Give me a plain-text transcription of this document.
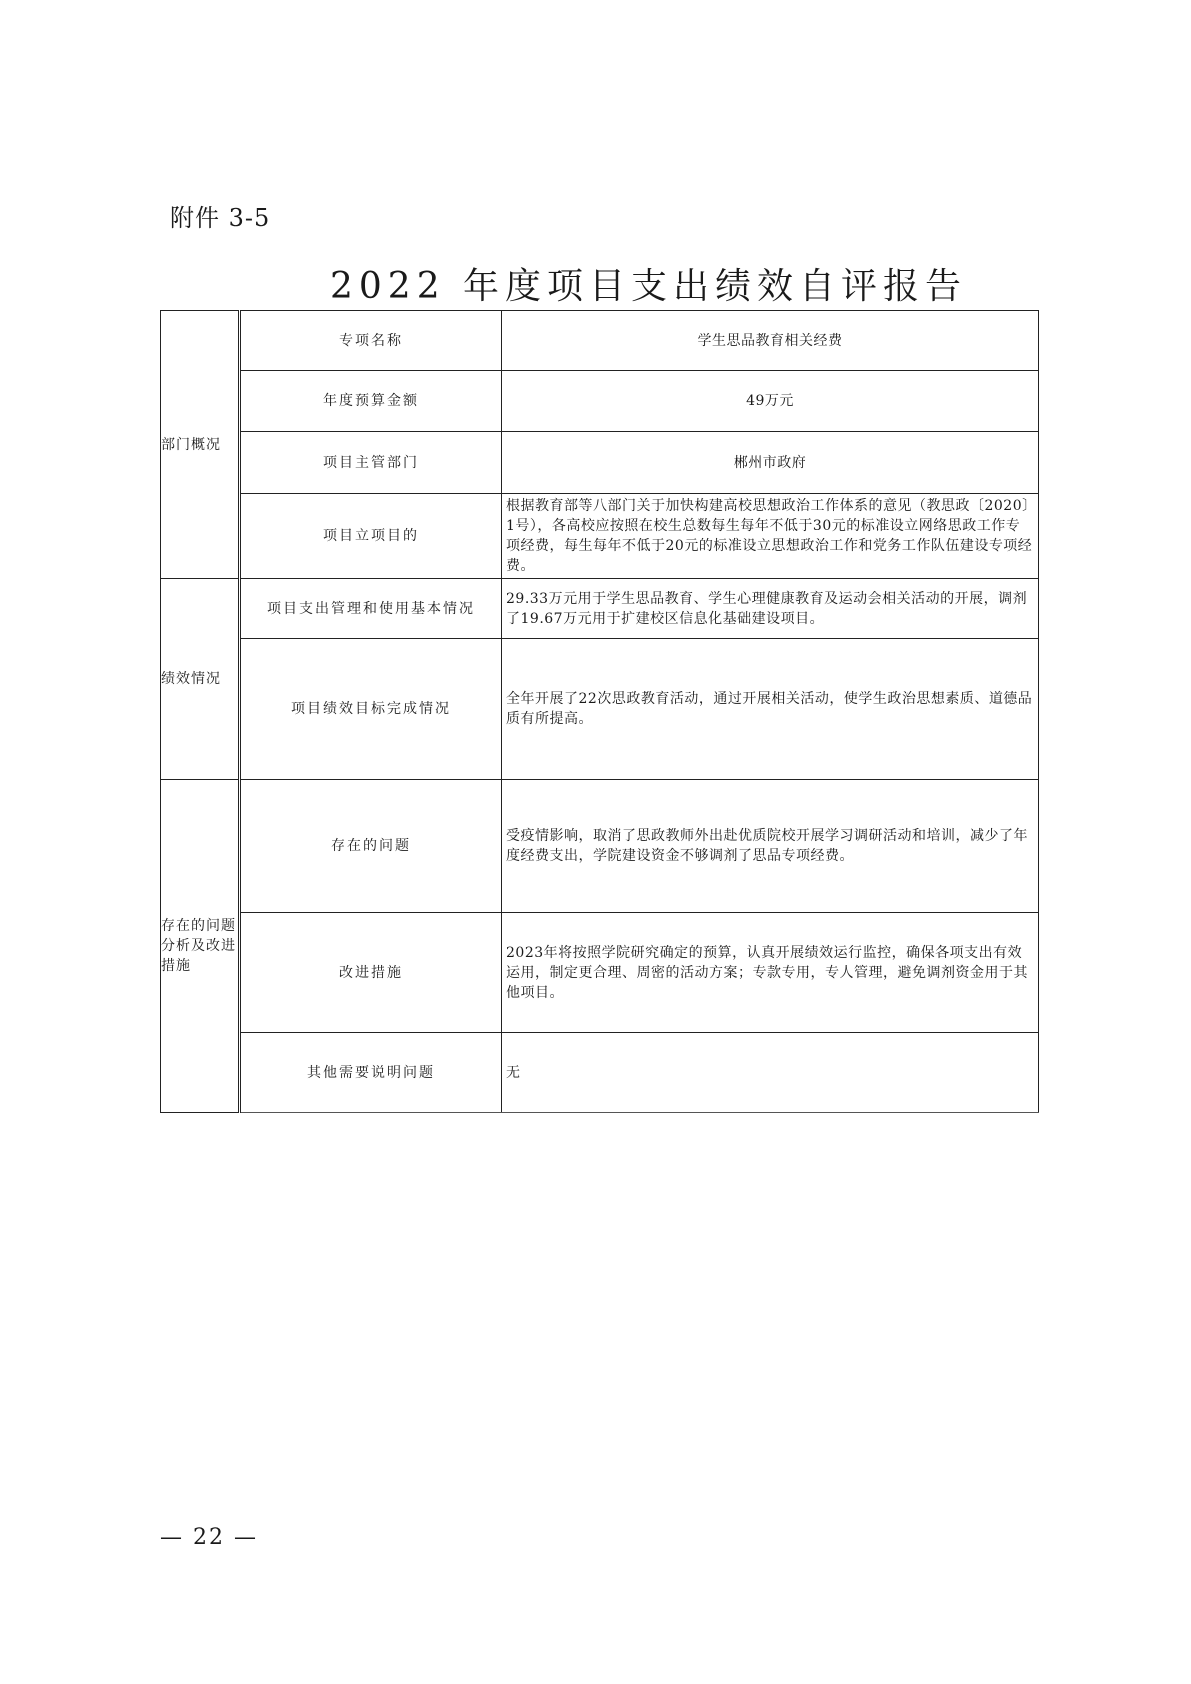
附件 3-5
2022 年度项目支出绩效自评报告
部门概况	专项名称	学生思品教育相关经费
	年度预算金额	49万元
	项目主管部门	郴州市政府
	项目立项目的	根据教育部等八部门关于加快构建高校思想政治工作体系的意见（教思政〔2020〕1号），各高校应按照在校生总数每生每年不低于30元的标准设立网络思政工作专项经费，每生每年不低于20元的标准设立思想政治工作和党务工作队伍建设专项经费。
绩效情况	项目支出管理和使用基本情况	29.33万元用于学生思品教育、学生心理健康教育及运动会相关活动的开展，调剂了19.67万元用于扩建校区信息化基础建设项目。
	项目绩效目标完成情况	全年开展了22次思政教育活动，通过开展相关活动，使学生政治思想素质、道德品质有所提高。
存在的问题分析及改进措施	存在的问题	受疫情影响，取消了思政教师外出赴优质院校开展学习调研活动和培训，减少了年度经费支出，学院建设资金不够调剂了思品专项经费。
	改进措施	2023年将按照学院研究确定的预算，认真开展绩效运行监控，确保各项支出有效运用，制定更合理、周密的活动方案；专款专用，专人管理，避免调剂资金用于其他项目。
	其他需要说明问题	无
— 22 —
